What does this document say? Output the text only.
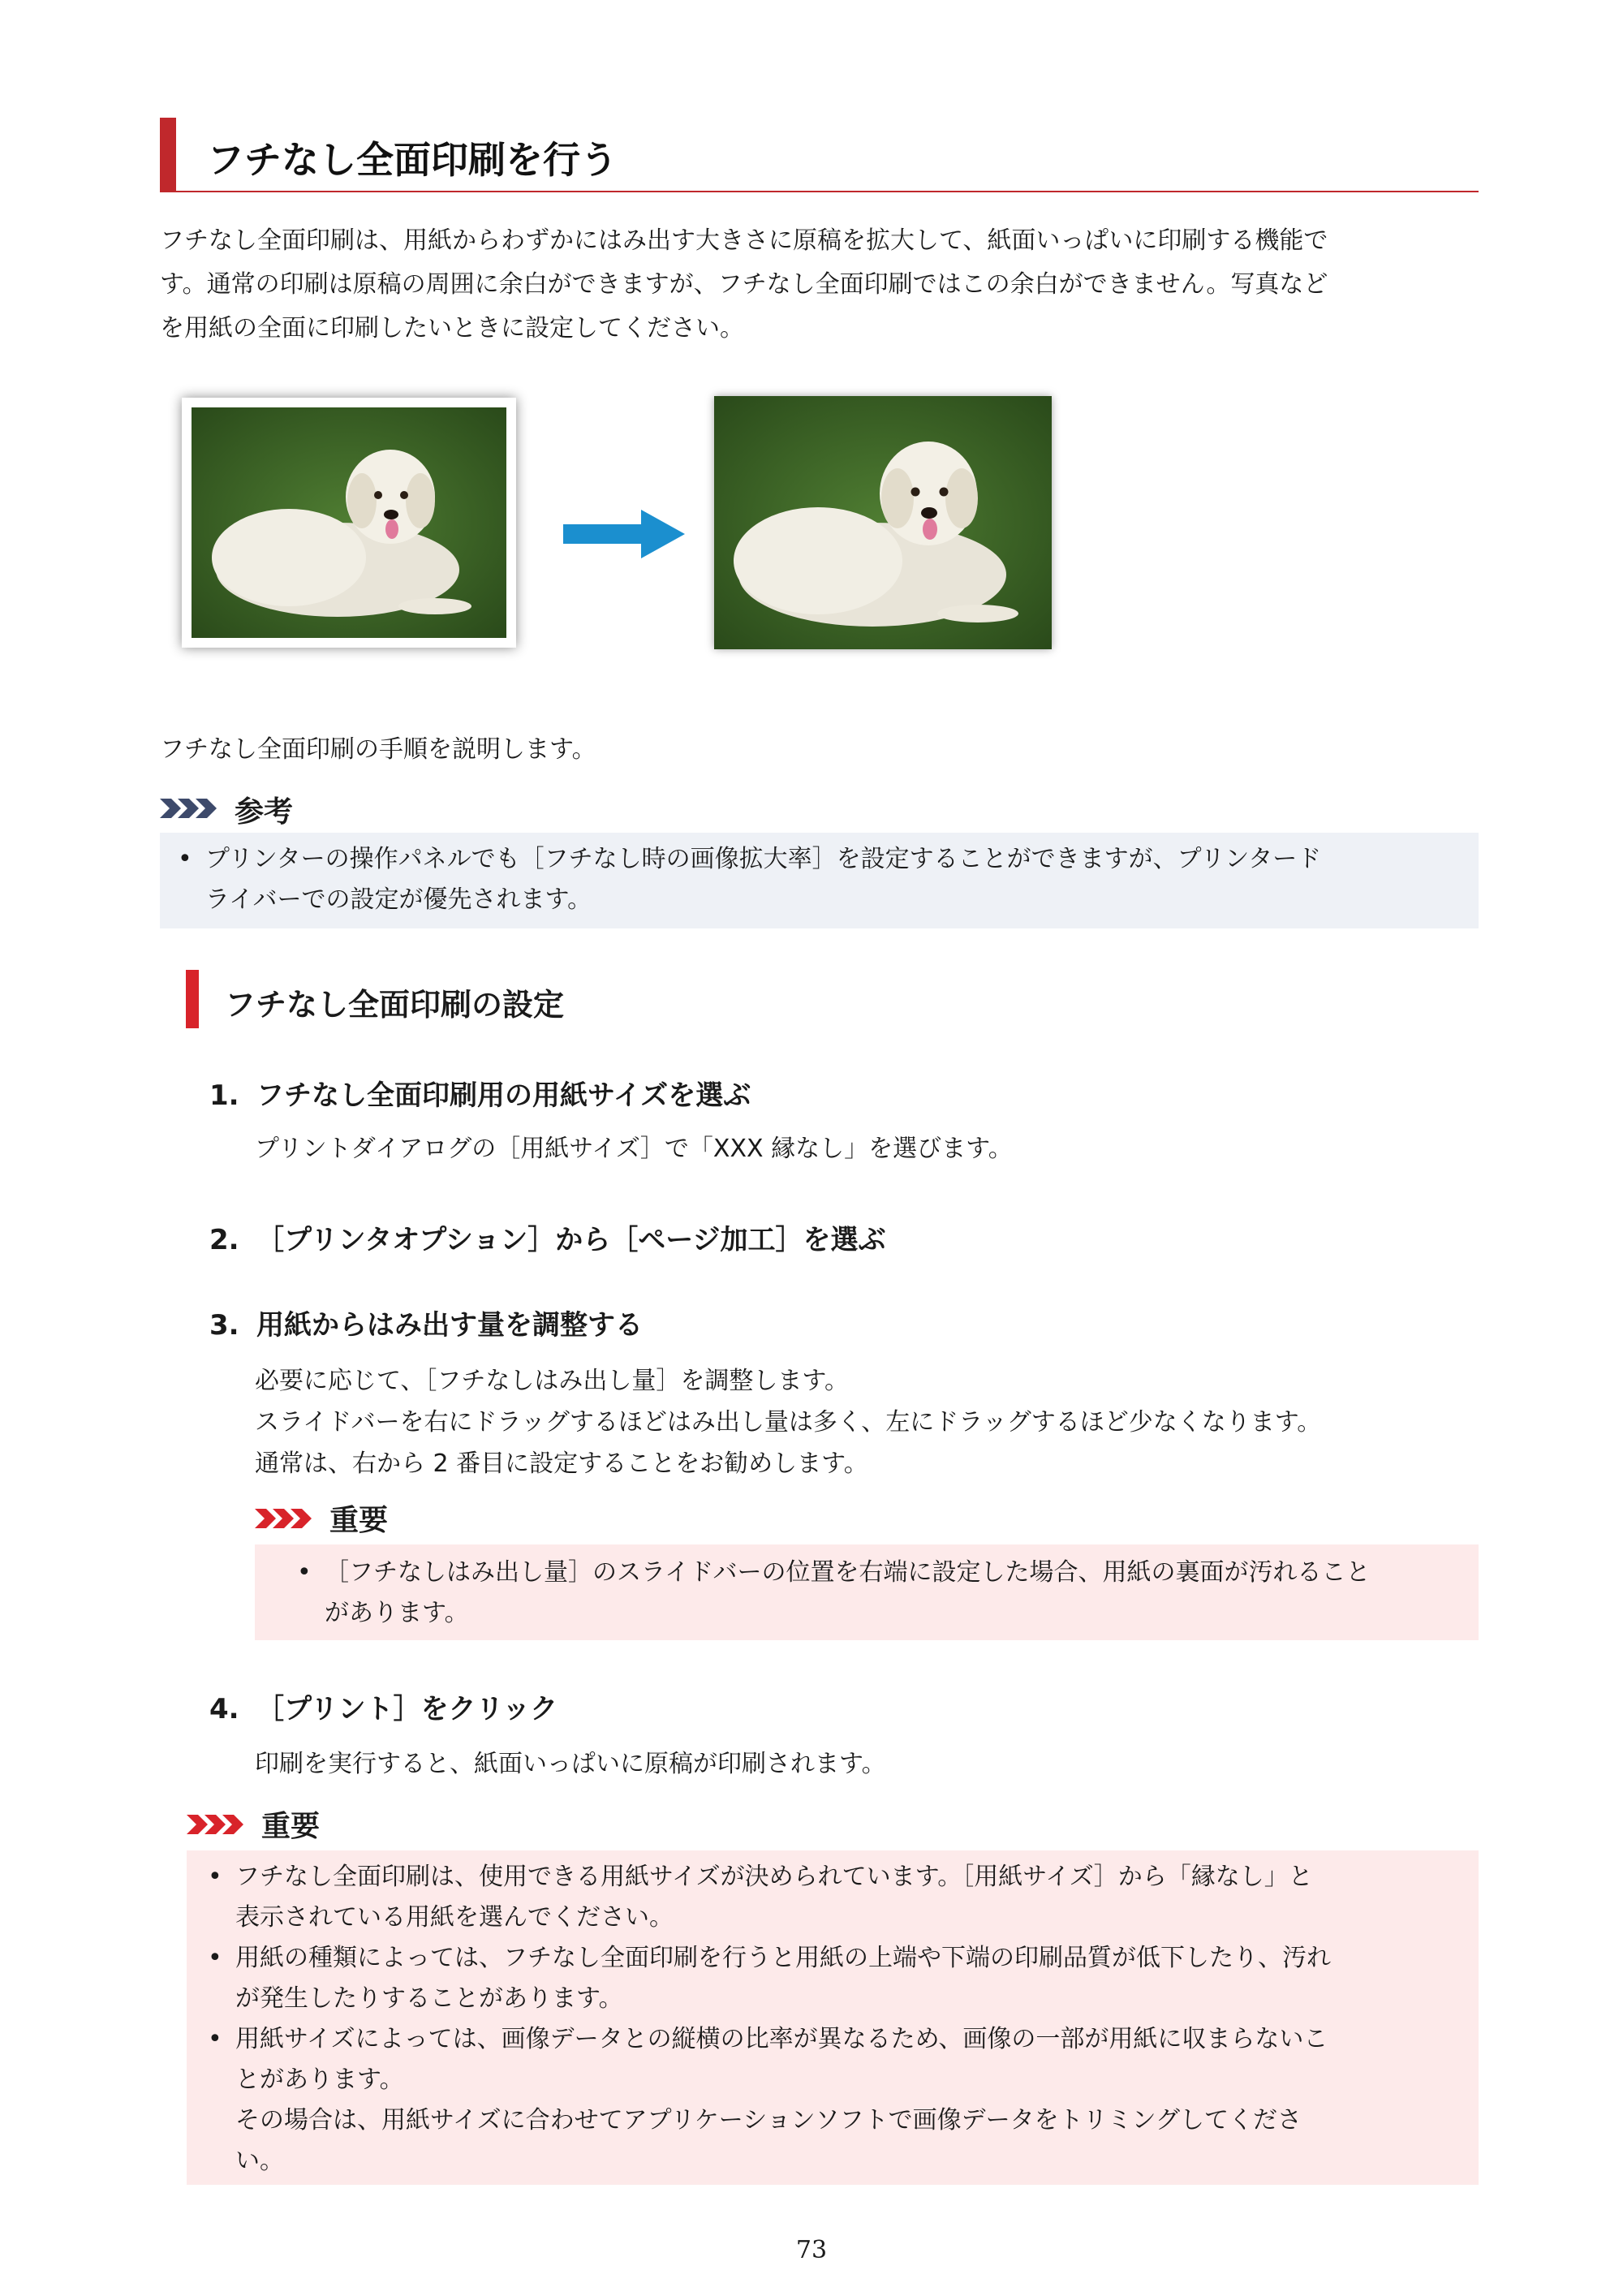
フチなし全面印刷を行う
フチなし全面印刷は、用紙からわずかにはみ出す大きさに原稿を拡大して、紙面いっぱいに印刷する機能で
す。通常の印刷は原稿の周囲に余白ができますが、フチなし全面印刷ではこの余白ができません。写真など
を用紙の全面に印刷したいときに設定してください。
フチなし全面印刷の手順を説明します。
参考
• プリンターの操作パネルでも［フチなし時の画像拡大率］を設定することができますが、プリンタード
ライバーでの設定が優先されます。
フチなし全面印刷の設定
1. フチなし全面印刷用の用紙サイズを選ぶ
プリントダイアログの［用紙サイズ］で「XXX 縁なし」を選びます。
2. ［プリンタオプション］から［ページ加工］を選ぶ
3. 用紙からはみ出す量を調整する
必要に応じて、［フチなしはみ出し量］を調整します。
スライドバーを右にドラッグするほどはみ出し量は多く、左にドラッグするほど少なくなります。
通常は、右から 2 番目に設定することをお勧めします。
重要
• ［フチなしはみ出し量］のスライドバーの位置を右端に設定した場合、用紙の裏面が汚れること
があります。
4. ［プリント］をクリック
印刷を実行すると、紙面いっぱいに原稿が印刷されます。
重要
• フチなし全面印刷は、使用できる用紙サイズが決められています。［用紙サイズ］から「縁なし」と
表示されている用紙を選んでください。
• 用紙の種類によっては、フチなし全面印刷を行うと用紙の上端や下端の印刷品質が低下したり、汚れ
が発生したりすることがあります。
• 用紙サイズによっては、画像データとの縦横の比率が異なるため、画像の一部が用紙に収まらないこ
とがあります。
その場合は、用紙サイズに合わせてアプリケーションソフトで画像データをトリミングしてくださ
い。
73
